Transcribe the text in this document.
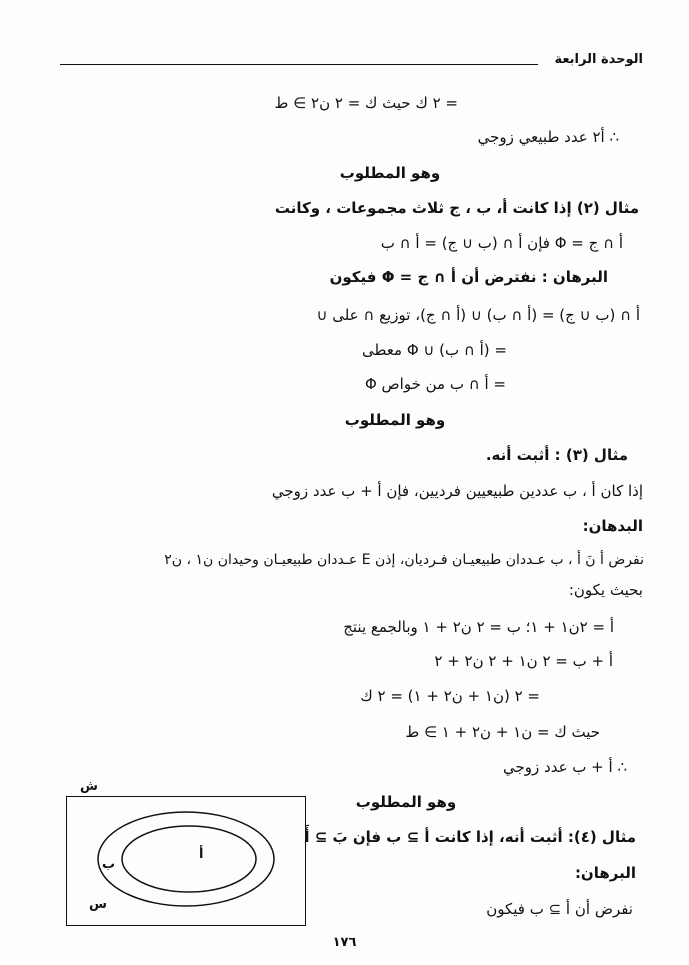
الوحدة الرابعة
= ٢ ك حيث ك = ٢ ن٢ ∋ ط
∴ أ٢ عدد طبيعي زوجي
وهو المطلوب
مثال (٢) إذا كانت أ، ب ، ج ثلاث مجموعات ، وكانت
أ ∩ ج = Φ فإن أ ∩ (ب ∪ ج) = أ ∩ ب
البرهان : نفترض أن أ ∩ ج = Φ فيكون
أ ∩ (ب ∪ ج) = (أ ∩ ب) ∪ (أ ∩ ج)، توزيع ∩ على ∪
= (أ ∩ ب) ∪ Φ معطى
= أ ∩ ب من خواص Φ
وهو المطلوب
مثال (٣) : أثبت أنه.
إذا كان أ ، ب عددين طبيعيين فرديين، فإن أ + ب عدد زوجي
البدهان:
نفرض أ نَ أ ، ب عـددان طبيعيـان فـرديان، إذن E عـددان طبيعيـان وحيدان ن١ ، ن٢
بحيث يكون:
أ = ٢ن١ + ١؛ ب = ٢ ن٢ + ١ وبالجمع ينتج
أ + ب = ٢ ن١ + ٢ ن٢ + ٢
= ٢ (ن١ + ن٢ + ١) = ٢ ك
حيث ك = ن١ + ن٢ + ١ ∋ ط
∴ أ + ب عدد زوجي
وهو المطلوب
مثال (٤): أثبت أنه، إذا كانت أ ⊇ ب فإن بَ ⊇ أَ
البرهان:
نفرض أن أ ⊇ ب فيكون
ب
أ
س
ش
١٧٦
